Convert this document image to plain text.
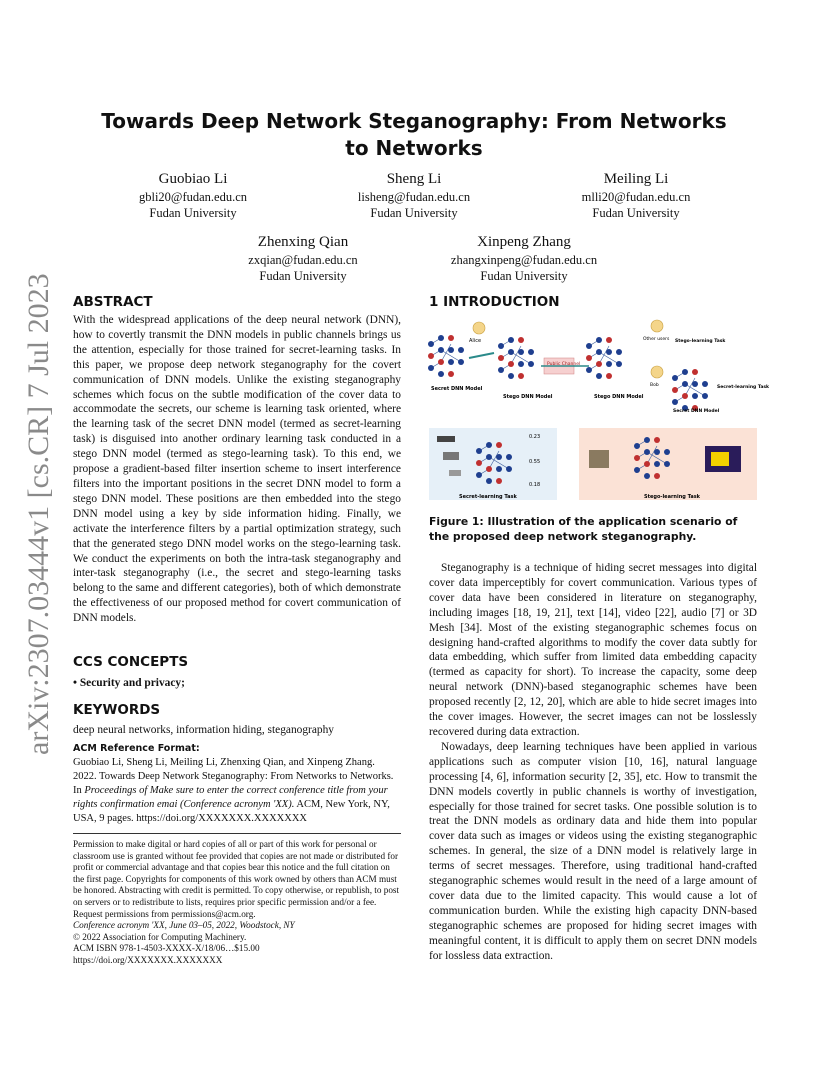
arXiv:2307.03444v1 [cs.CR] 7 Jul 2023
Towards Deep Network Steganography: From Networks to Networks
Guobiao Li
gbli20@fudan.edu.cn
Fudan University
Sheng Li
lisheng@fudan.edu.cn
Fudan University
Meiling Li
mlli20@fudan.edu.cn
Fudan University
Zhenxing Qian
zxqian@fudan.edu.cn
Fudan University
Xinpeng Zhang
zhangxinpeng@fudan.edu.cn
Fudan University
ABSTRACT
With the widespread applications of the deep neural network (DNN), how to covertly transmit the DNN models in public channels brings us the attention, especially for those trained for secret-learning tasks. In this paper, we propose deep network steganography for the covert communication of DNN models. Unlike the existing steganography schemes which focus on the subtle modification of the cover data to accommodate the secrets, our scheme is learning task oriented, where the learning task of the secret DNN model (termed as secret-learning task) is disguised into another ordinary learning task conducted in a stego DNN model (termed as stego-learning task). To this end, we propose a gradient-based filter insertion scheme to insert interference filters into the important positions in the secret DNN model to form a stego DNN model. These positions are then embedded into the stego DNN model using a key by side information hiding. Finally, we activate the interference filters by a partial optimization strategy, such that the generated stego DNN model works on the stego-learning task. We conduct the experiments on both the intra-task steganography and inter-task steganography (i.e., the secret and stego-learning tasks belong to the same and different categories), both of which demonstrate the effectiveness of our proposed method for covert communication of DNN models.
CCS CONCEPTS
• Security and privacy;
KEYWORDS
deep neural networks, information hiding, steganography
ACM Reference Format:
Guobiao Li, Sheng Li, Meiling Li, Zhenxing Qian, and Xinpeng Zhang. 2022. Towards Deep Network Steganography: From Networks to Networks. In Proceedings of Make sure to enter the correct conference title from your rights confirmation emai (Conference acronym 'XX). ACM, New York, NY, USA, 9 pages. https://doi.org/XXXXXXX.XXXXXXX
Permission to make digital or hard copies of all or part of this work for personal or classroom use is granted without fee provided that copies are not made or distributed for profit or commercial advantage and that copies bear this notice and the full citation on the first page. Copyrights for components of this work owned by others than ACM must be honored. Abstracting with credit is permitted. To copy otherwise, or republish, to post on servers or to redistribute to lists, requires prior specific permission and/or a fee. Request permissions from permissions@acm.org.
Conference acronym 'XX, June 03–05, 2022, Woodstock, NY
© 2022 Association for Computing Machinery.
ACM ISBN 978-1-4503-XXXX-X/18/06…$15.00
https://doi.org/XXXXXXX.XXXXXXX
1 INTRODUCTION
Secret DNN Model
Alice
Stego DNN Model
Public Channel
Stego DNN Model
Other users Stego-learning Task
Bob
Secret DNN Model
Secret-learning Task
0.23
0.55
0.18
Secret-learning Task	Stego-learning Task
Figure 1: Illustration of the application scenario of the proposed deep network steganography.

Steganography is a technique of hiding secret messages into digital cover data imperceptibly for covert communication. Various types of cover data have been considered in literature on steganography, including images [18, 19, 21], text [14], video [22], audio [7] or 3D Mesh [34]. Most of the existing steganographic schemes focus on designing hand-crafted algorithms to modify the cover data subtly for data embedding, which suffer from limited data embedding capacity (termed as capacity for short). To increase the capacity, some deep neural network (DNN)-based steganographic schemes have been proposed recently [2, 12, 20], which are able to hide secret images into the cover images. However, the secret images can not be losslessly recovered during data extraction.

Nowadays, deep learning techniques have been applied in various applications such as computer vision [10, 16], natural language processing [4, 6], information security [2, 35], etc. How to transmit the DNN models covertly in public channels is worthy of investigation, especially for those trained for secret tasks. One possible solution is to treat the DNN models as ordinary data and hide them into popular cover data such as images or videos using the existing steganographic schemes. In general, the size of a DNN model is relatively large in terms of secret messages. Therefore, using traditional hand-crafted steganographic schemes would result in the need of a large amount of cover data due to the limited capacity. This would cause a lot of communication burden. While the existing high capacity DNN-based steganographic schemes are proposed for hiding secret images with meaningful content, it is difficult to apply them on secret DNN models for lossless data extraction.
